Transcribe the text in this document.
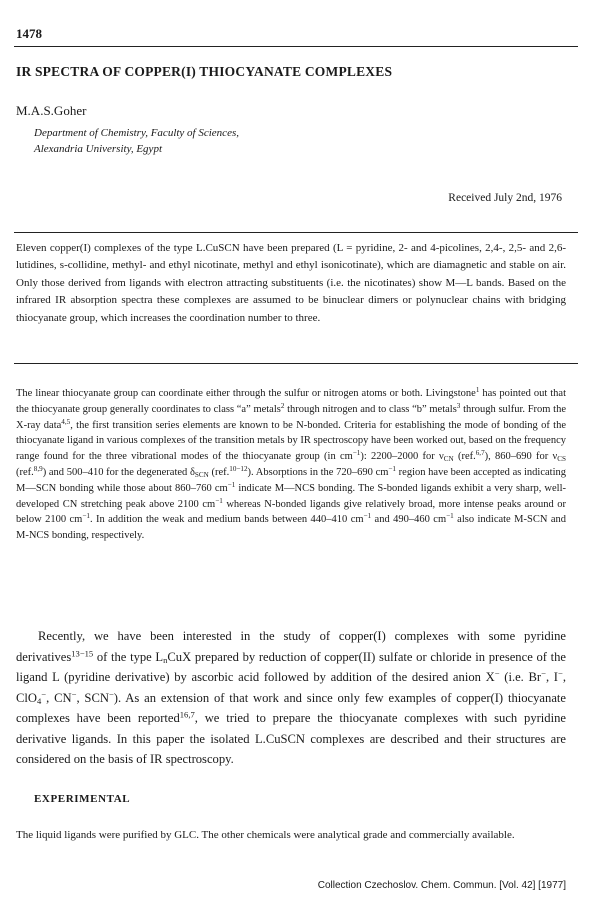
1478
IR SPECTRA OF COPPER(I) THIOCYANATE COMPLEXES
M.A.S.Goher
Department of Chemistry, Faculty of Sciences,
Alexandria University, Egypt
Received July 2nd, 1976
Eleven copper(I) complexes of the type L.CuSCN have been prepared (L = pyridine, 2- and 4-picolines, 2,4-, 2,5- and 2,6-lutidines, s-collidine, methyl- and ethyl nicotinate, methyl and ethyl isonicotinate), which are diamagnetic and stable on air. Only those derived from ligands with electron attracting substituents (i.e. the nicotinates) show M—L bands. Based on the infrared IR absorption spectra these complexes are assumed to be binuclear dimers or polynuclear chains with bridging thiocyanate group, which increases the coordination number to three.
The linear thiocyanate group can coordinate either through the sulfur or nitrogen atoms or both. Livingstone$^1$ has pointed out that the thiocyanate group generally coordinates to class “a” metals$^2$ through nitrogen and to class “b” metals$^3$ through sulfur. From the X-ray data$^{4,5}$, the first transition series elements are known to be N-bonded. Criteria for establishing the mode of bonding of the thiocyanate ligand in various complexes of the transition metals by IR spectroscopy have been worked out, based on the frequency range found for the three vibrational modes of the thiocyanate group (in $cm^{-1}$): 2200–2000 for $\nu_{CN}$ (ref.$^{6,7}$), 860–690 for $\nu_{CS}$ (ref.$^{8,9}$) and 500–410 for the degenerated $\delta_{SCN}$ (ref.$^{10-12}$). Absorptions in the 720–690 $cm^{-1}$ region have been accepted as indicating M—SCN bonding while those about 860–760 $cm^{-1}$ indicate M—NCS bonding. The S-bonded ligands exhibit a very sharp, well-developed CN stretching peak above 2100 $cm^{-1}$ whereas N-bonded ligands give relatively broad, more intense peaks around or below 2100 $cm^{-1}$. In addition the weak and medium bands between 440–410 $cm^{-1}$ and 490–460 $cm^{-1}$ also indicate M-SCN and M-NCS bonding, respectively.
Recently, we have been interested in the study of copper(I) complexes with some pyridine derivatives$^{13-15}$ of the type $L_nCuX$ prepared by reduction of copper(II) sulfate or chloride in presence of the ligand L (pyridine derivative) by ascorbic acid followed by addition of the desired anion X− (i.e. Br−, I−, ClO$_4$−, CN−, SCN−). As an extension of that work and since only few examples of copper(I) thiocyanate complexes have been reported$^{16,7}$, we tried to prepare the thiocyanate complexes with such pyridine derivative ligands. In this paper the isolated L.CuSCN complexes are described and their structures are considered on the basis of IR spectroscopy.
EXPERIMENTAL
The liquid ligands were purified by GLC. The other chemicals were analytical grade and commercially available.
Collection Czechoslov. Chem. Commun. [Vol. 42] [1977]
